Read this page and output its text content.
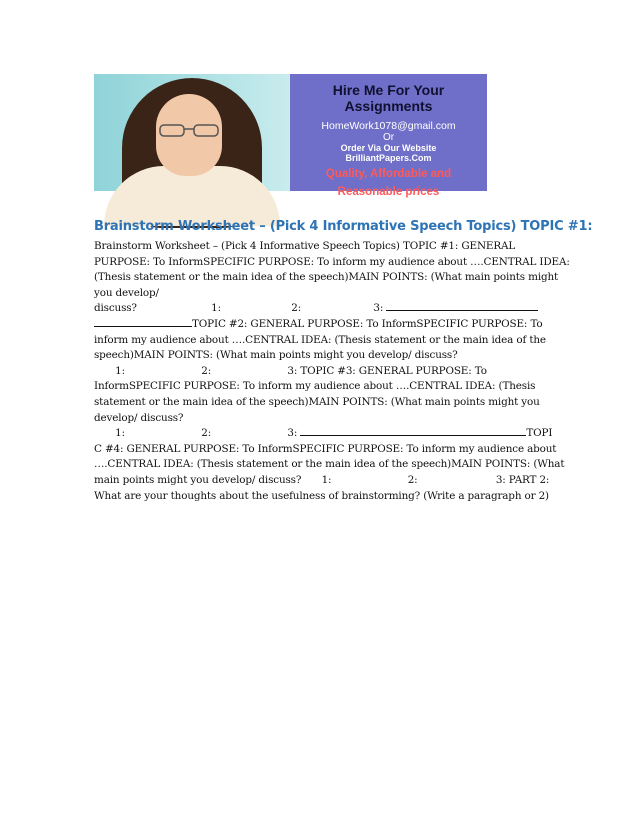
Hire Me For Your
Assignments
HomeWork1078@gmail.com
Or
Order Via Our Website
BrilliantPapers.Com
Quality, Affordable and
Reasonable prices
Brainstorm Worksheet – (Pick 4 Informative Speech Topics) TOPIC #1:
Brainstorm Worksheet – (Pick 4 Informative Speech Topics) TOPIC #1: GENERAL
PURPOSE: To InformSPECIFIC PURPOSE: To inform my audience about ….CENTRAL IDEA:
(Thesis statement or the main idea of the speech)MAIN POINTS: (What main points might
you develop/
discuss?	1:	2:	3:
TOPIC #2: GENERAL PURPOSE: To InformSPECIFIC PURPOSE: To
inform my audience about ….CENTRAL IDEA: (Thesis statement or the main idea of the
speech)MAIN POINTS: (What main points might you develop/ discuss?
1:	2:	3: TOPIC #3: GENERAL PURPOSE: To
InformSPECIFIC PURPOSE: To inform my audience about ….CENTRAL IDEA: (Thesis
statement or the main idea of the speech)MAIN POINTS: (What main points might you
develop/ discuss?
1:	2:	3:	TOPI
C #4: GENERAL PURPOSE: To InformSPECIFIC PURPOSE: To inform my audience about
….CENTRAL IDEA: (Thesis statement or the main idea of the speech)MAIN POINTS: (What
main points might you develop/ discuss? 1:	2:	3: PART 2:
What are your thoughts about the usefulness of brainstorming? (Write a paragraph or 2)
